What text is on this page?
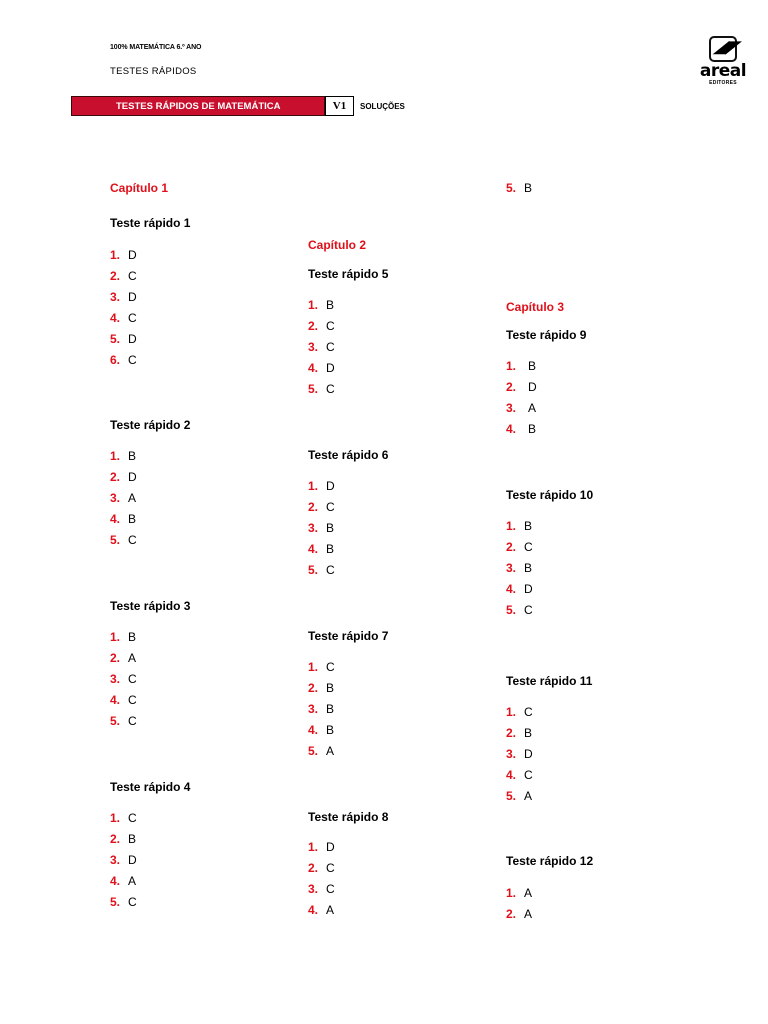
100% MATEMÁTICA 6.º ANO
TESTES RÁPIDOS
◢◤
areal
EDITORES
TESTES RÁPIDOS DE MATEMÁTICA	V1	SOLUÇÕES
Capítulo 1
Teste rápido 1
1. D
2. C
3. D
4. C
5. D
6. C
Teste rápido 2
1. B
2. D
3. A
4. B
5. C
Teste rápido 3
1. B
2. A
3. C
4. C
5. C
Teste rápido 4
1. C
2. B
3. D
4. A
5. C
Capítulo 2
Teste rápido 5
1. B
2. C
3. C
4. D
5. C
Teste rápido 6
1. D
2. C
3. B
4. B
5. C
Teste rápido 7
1. C
2. B
3. B
4. B
5. A
Teste rápido 8
1. D
2. C
3. C
4. A
5. B
Capítulo 3
Teste rápido 9
1. B
2. D
3. A
4. B
Teste rápido 10
1. B
2. C
3. B
4. D
5. C
Teste rápido 11
1. C
2. B
3. D
4. C
5. A
Teste rápido 12
1. A
2. A
